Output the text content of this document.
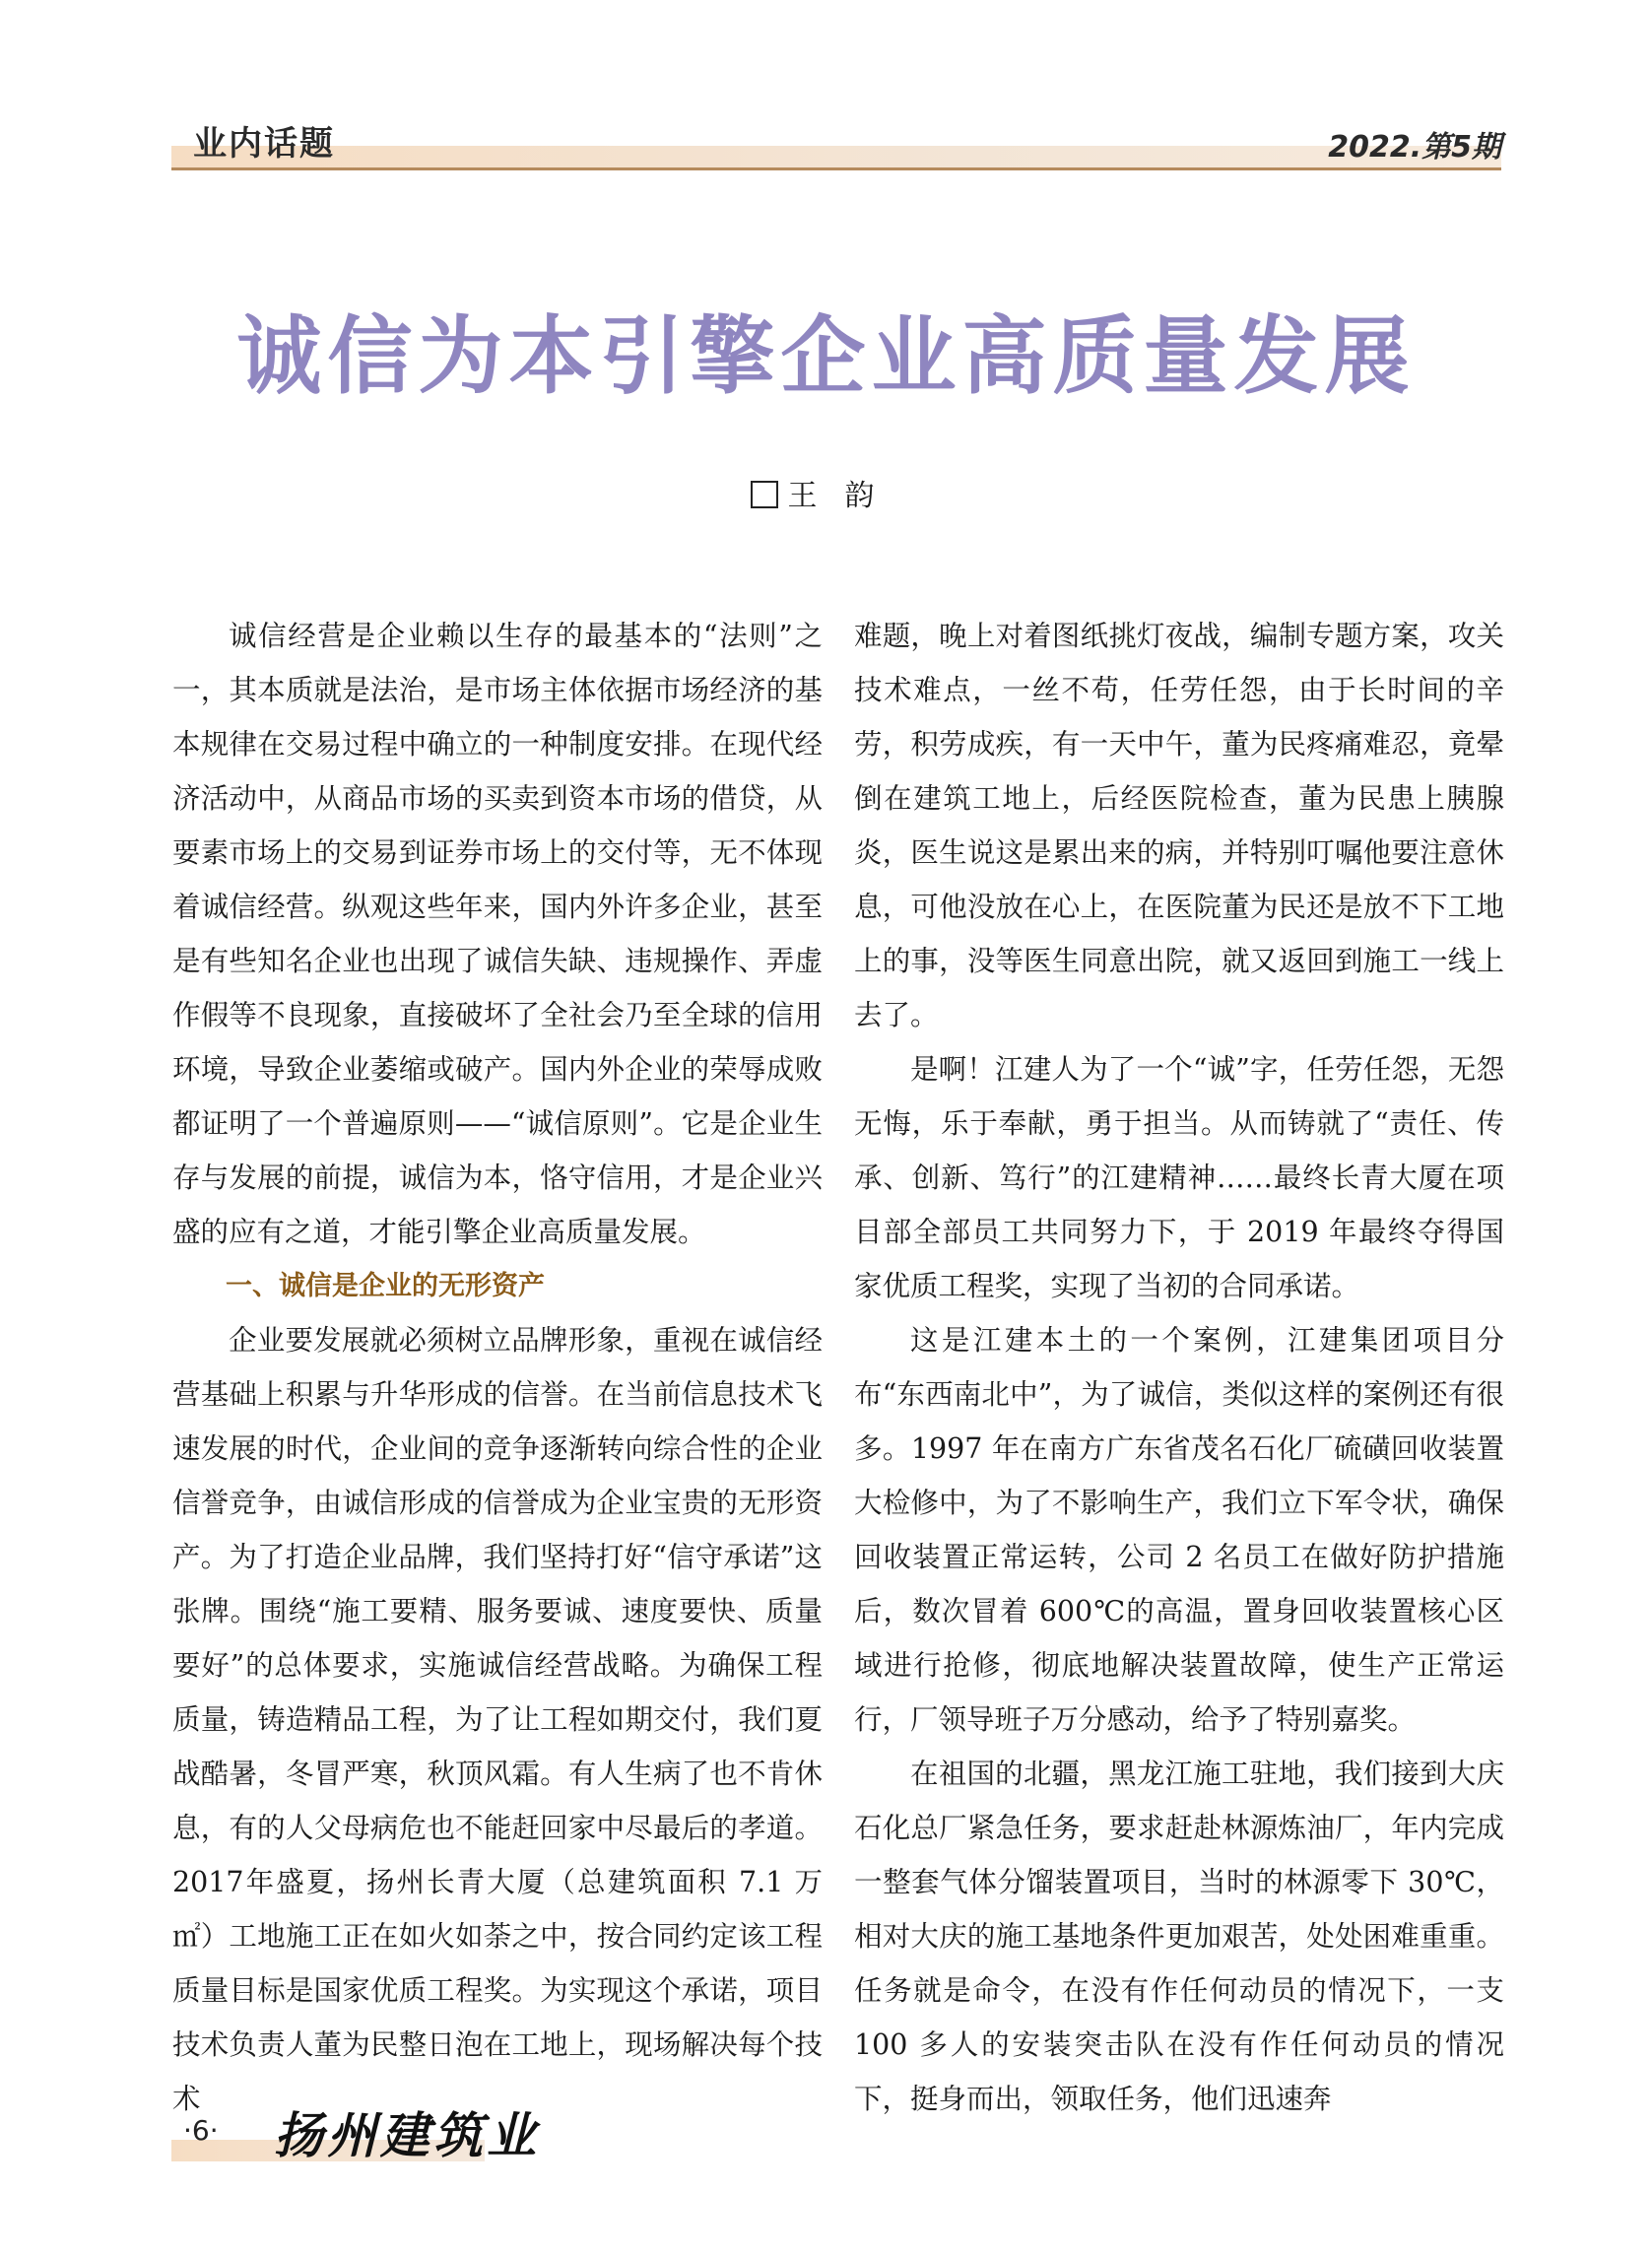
业内话题	2022.第5期
诚信为本引擎企业高质量发展
王韵

诚信经营是企业赖以生存的最基本的“法则”之一，其本质就是法治，是市场主体依据市场经济的基本规律在交易过程中确立的一种制度安排。在现代经济活动中，从商品市场的买卖到资本市场的借贷，从要素市场上的交易到证券市场上的交付等，无不体现着诚信经营。纵观这些年来，国内外许多企业，甚至是有些知名企业也出现了诚信失缺、违规操作、弄虚作假等不良现象，直接破坏了全社会乃至全球的信用环境，导致企业萎缩或破产。国内外企业的荣辱成败都证明了一个普遍原则——“诚信原则”。它是企业生存与发展的前提，诚信为本，恪守信用，才是企业兴盛的应有之道，才能引擎企业高质量发展。

一、诚信是企业的无形资产

企业要发展就必须树立品牌形象，重视在诚信经营基础上积累与升华形成的信誉。在当前信息技术飞速发展的时代，企业间的竞争逐渐转向综合性的企业信誉竞争，由诚信形成的信誉成为企业宝贵的无形资产。为了打造企业品牌，我们坚持打好“信守承诺”这张牌。围绕“施工要精、服务要诚、速度要快、质量要好”的总体要求，实施诚信经营战略。为确保工程质量，铸造精品工程，为了让工程如期交付，我们夏战酷暑，冬冒严寒，秋顶风霜。有人生病了也不肯休息，有的人父母病危也不能赶回家中尽最后的孝道。2017年盛夏，扬州长青大厦（总建筑面积 7.1 万㎡）工地施工正在如火如荼之中，按合同约定该工程质量目标是国家优质工程奖。为实现这个承诺，项目技术负责人董为民整日泡在工地上，现场解决每个技术

难题，晚上对着图纸挑灯夜战，编制专题方案，攻关技术难点，一丝不苟，任劳任怨，由于长时间的辛劳，积劳成疾，有一天中午，董为民疼痛难忍，竟晕倒在建筑工地上，后经医院检查，董为民患上胰腺炎，医生说这是累出来的病，并特别叮嘱他要注意休息，可他没放在心上，在医院董为民还是放不下工地上的事，没等医生同意出院，就又返回到施工一线上去了。

是啊！江建人为了一个“诚”字，任劳任怨，无怨无悔，乐于奉献，勇于担当。从而铸就了“责任、传承、创新、笃行”的江建精神……最终长青大厦在项目部全部员工共同努力下，于 2019 年最终夺得国家优质工程奖，实现了当初的合同承诺。

这是江建本土的一个案例，江建集团项目分布“东西南北中”，为了诚信，类似这样的案例还有很多。1997 年在南方广东省茂名石化厂硫磺回收装置大检修中，为了不影响生产，我们立下军令状，确保回收装置正常运转，公司 2 名员工在做好防护措施后，数次冒着 600℃的高温，置身回收装置核心区域进行抢修，彻底地解决装置故障，使生产正常运行，厂领导班子万分感动，给予了特别嘉奖。

在祖国的北疆，黑龙江施工驻地，我们接到大庆石化总厂紧急任务，要求赶赴林源炼油厂，年内完成一整套气体分馏装置项目，当时的林源零下 30℃，相对大庆的施工基地条件更加艰苦，处处困难重重。任务就是命令，在没有作任何动员的情况下，一支 100 多人的安装突击队在没有作任何动员的情况下，挺身而出，领取任务，他们迅速奔

·6· 扬州建筑业
